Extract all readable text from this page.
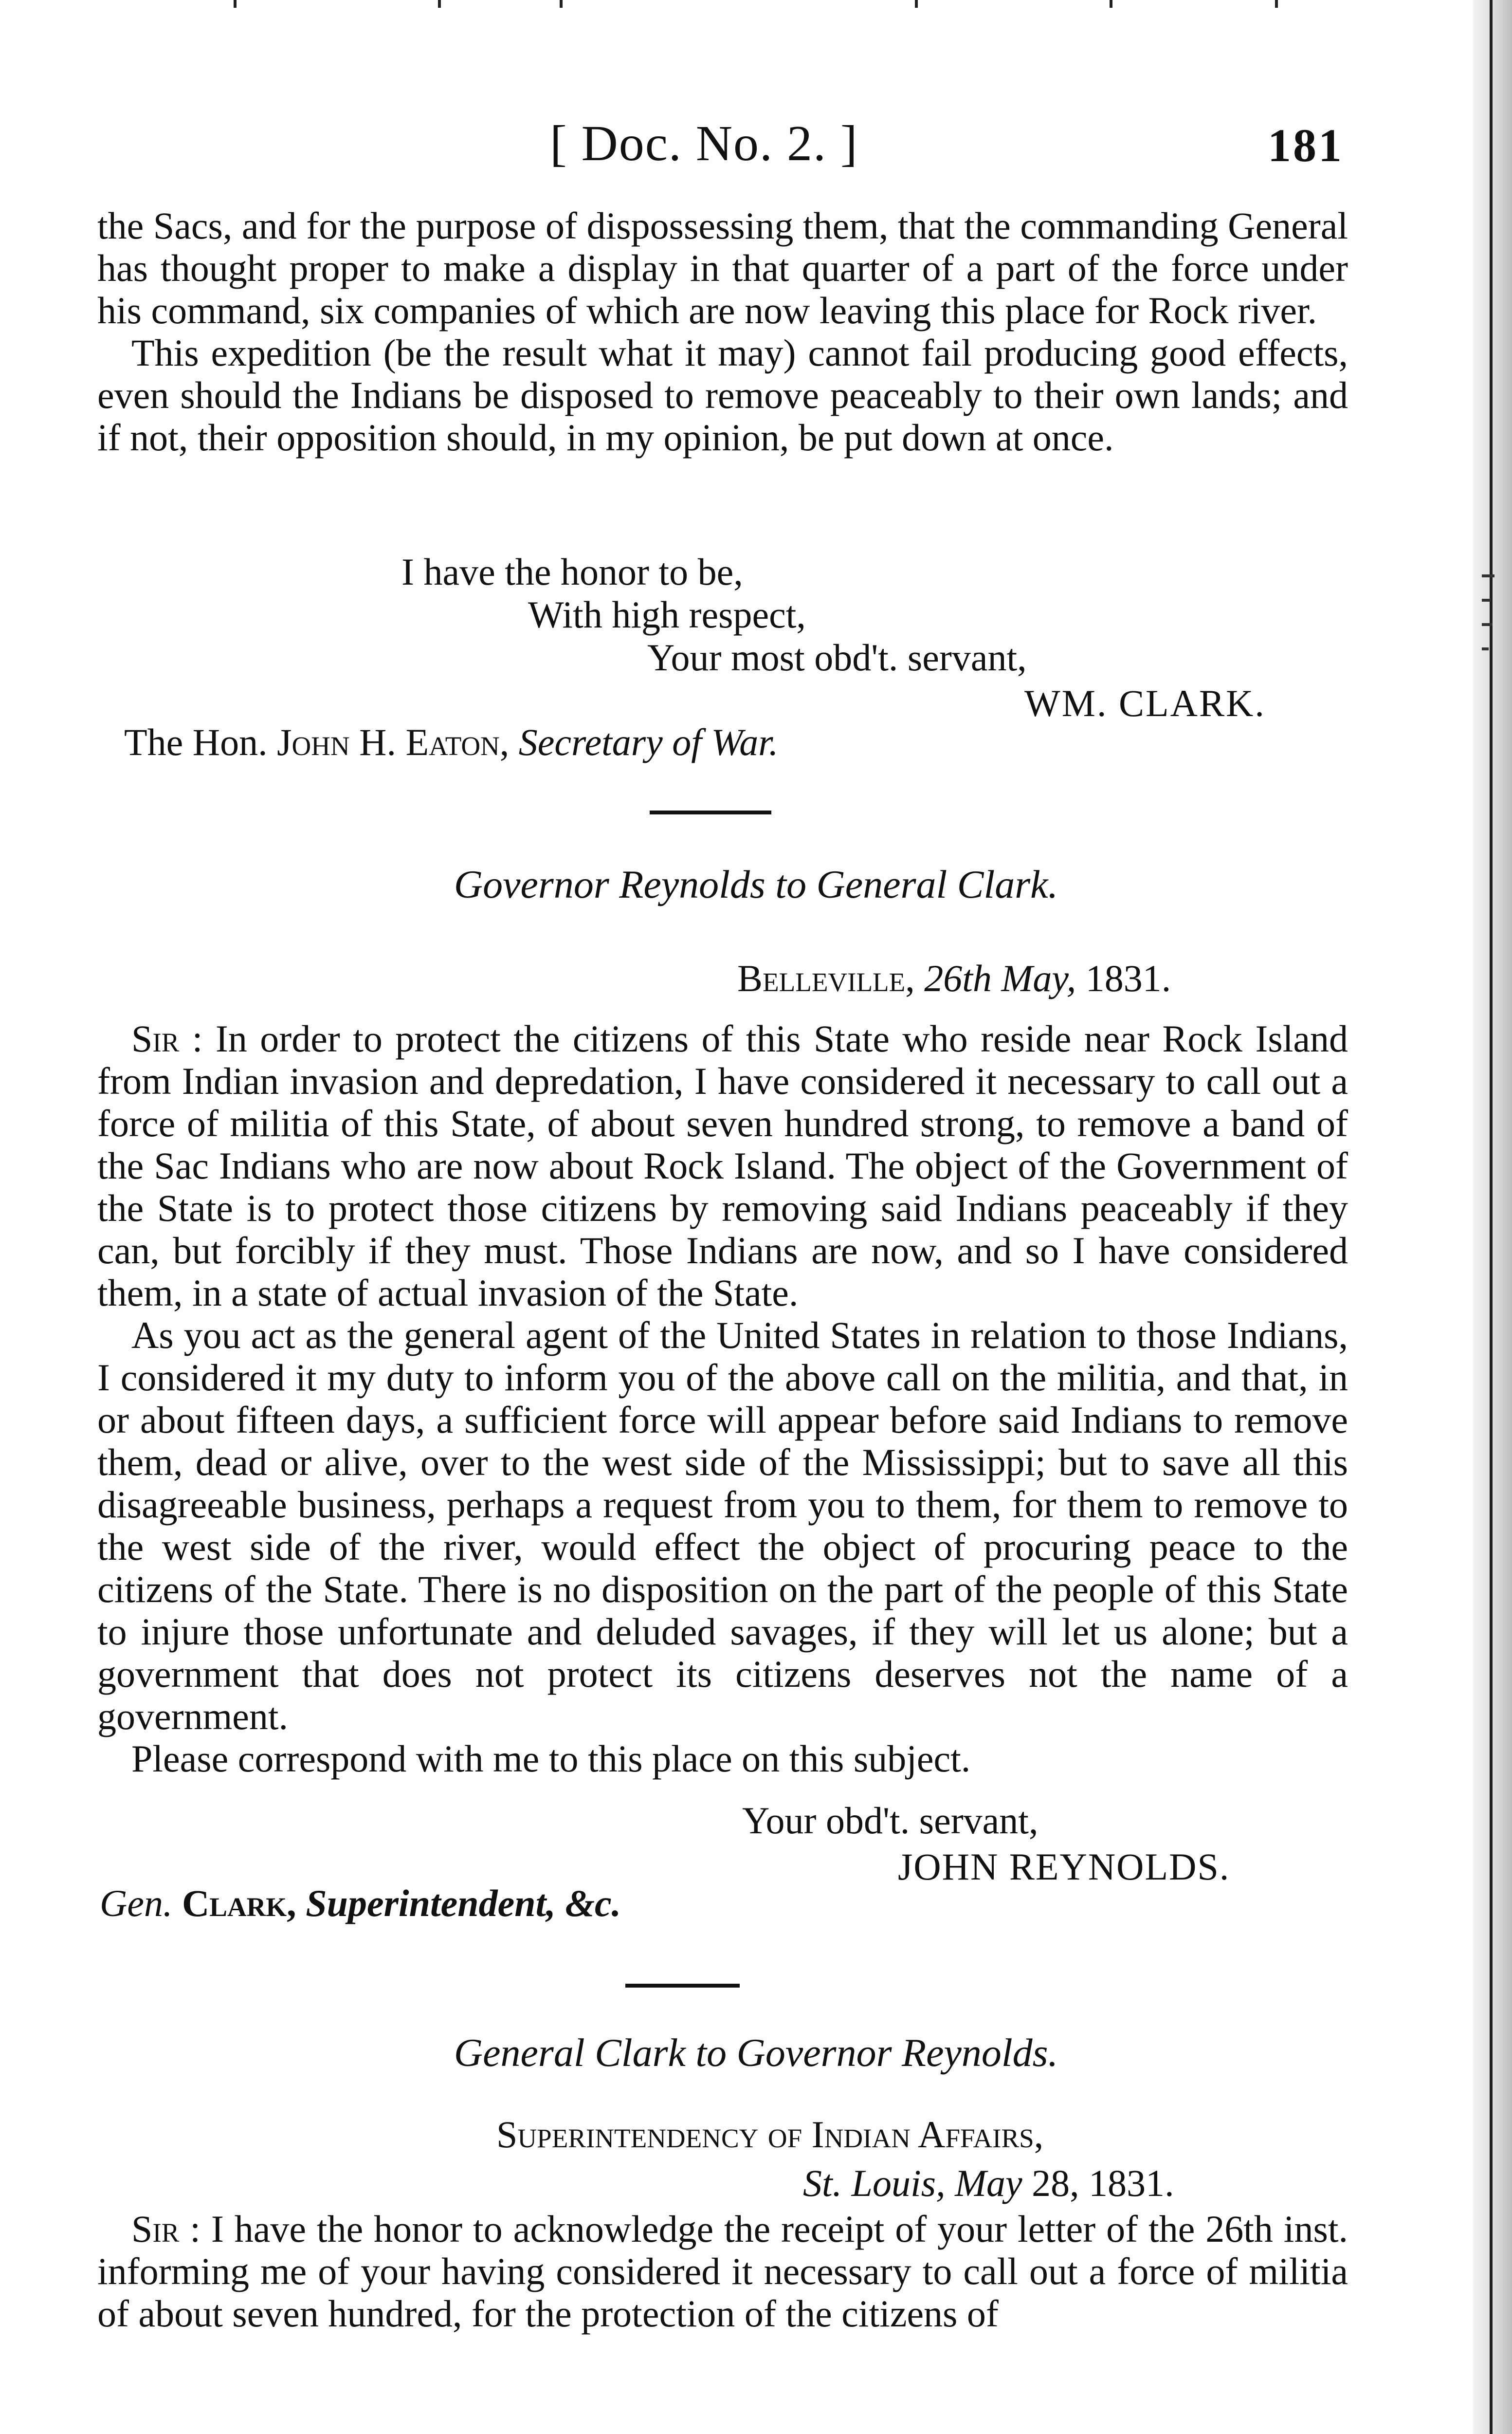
[ Doc. No. 2. ]	181

the Sacs, and for the purpose of dispossessing them, that the commanding General has thought proper to make a display in that quarter of a part of the force under his command, six companies of which are now leaving this place for Rock river.

This expedition (be the result what it may) cannot fail producing good effects, even should the Indians be disposed to remove peaceably to their own lands; and if not, their opposition should, in my opinion, be put down at once.

I have the honor to be,
With high respect,
Your most obd't. servant,
WM. CLARK.
The Hon. John H. Eaton, Secretary of War.
Governor Reynolds to General Clark.
Belleville, 26th May, 1831.

Sir : In order to protect the citizens of this State who reside near Rock Island from Indian invasion and depredation, I have considered it necessary to call out a force of militia of this State, of about seven hundred strong, to remove a band of the Sac Indians who are now about Rock Island. The object of the Government of the State is to protect those citizens by removing said Indians peaceably if they can, but forcibly if they must. Those Indians are now, and so I have considered them, in a state of actual invasion of the State.

As you act as the general agent of the United States in relation to those Indians, I considered it my duty to inform you of the above call on the militia, and that, in or about fifteen days, a sufficient force will appear before said Indians to remove them, dead or alive, over to the west side of the Mississippi; but to save all this disagreeable business, perhaps a request from you to them, for them to remove to the west side of the river, would effect the object of procuring peace to the citizens of the State. There is no disposition on the part of the people of this State to injure those unfortunate and deluded savages, if they will let us alone; but a government that does not protect its citizens deserves not the name of a government.

Please correspond with me to this place on this subject.

Your obd't. servant,
JOHN REYNOLDS.
Gen. Clark, Superintendent, &c.
General Clark to Governor Reynolds.
Superintendency of Indian Affairs,
St. Louis, May 28, 1831.

Sir : I have the honor to acknowledge the receipt of your letter of the 26th inst. informing me of your having considered it necessary to call out a force of militia of about seven hundred, for the protection of the citizens of
